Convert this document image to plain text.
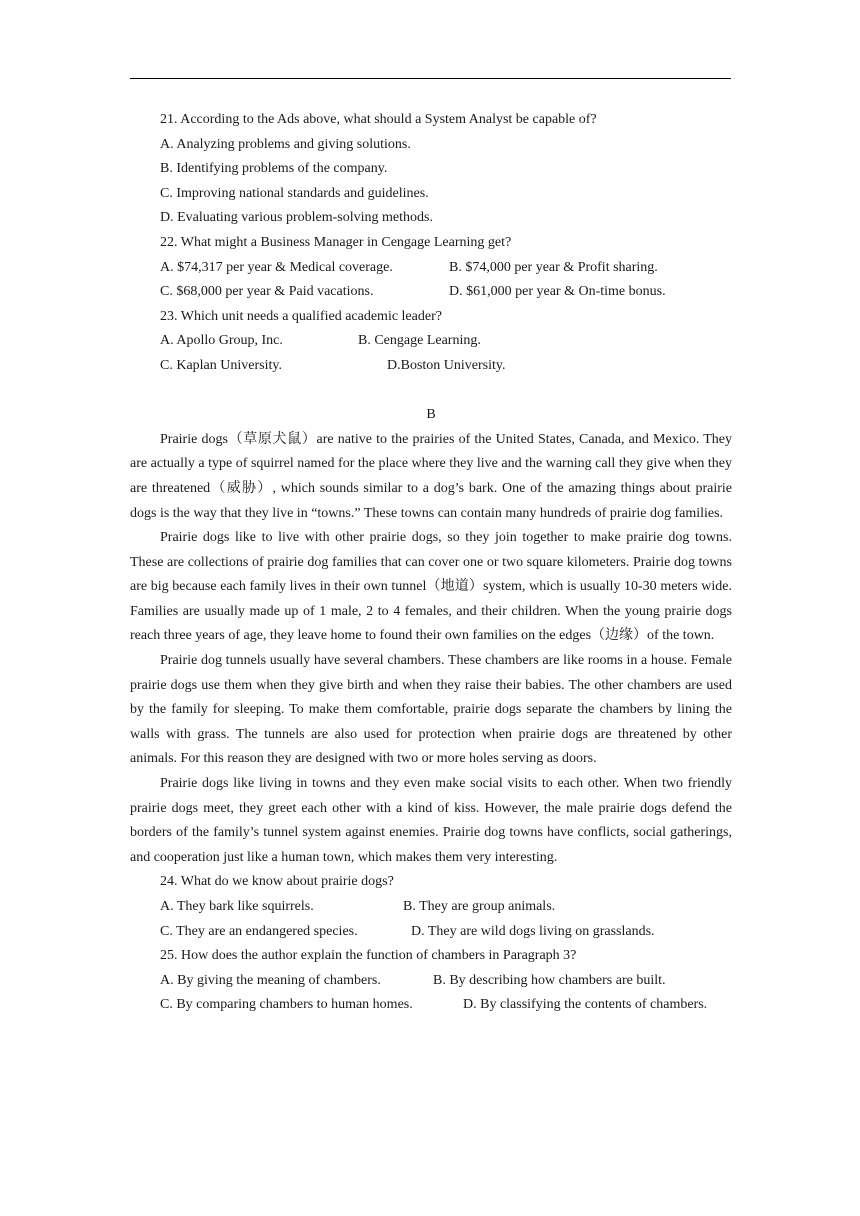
21. According to the Ads above, what should a System Analyst be capable of?
A. Analyzing problems and giving solutions.
B. Identifying problems of the company.
C. Improving national standards and guidelines.
D. Evaluating various problem-solving methods.
22. What might a Business Manager in Cengage Learning get?
A. $74,317 per year & Medical coverage.	B. $74,000 per year & Profit sharing.
C. $68,000 per year & Paid vacations.	D. $61,000 per year & On-time bonus.
23. Which unit needs a qualified academic leader?
A. Apollo Group, Inc.	B. Cengage Learning.
C. Kaplan University.	D.Boston University.
B

Prairie dogs（草原犬鼠）are native to the prairies of the United States, Canada, and Mexico. They are actually a type of squirrel named for the place where they live and the warning call they give when they are threatened（威胁）, which sounds similar to a dog’s bark. One of the amazing things about prairie dogs is the way that they live in “towns.” These towns can contain many hundreds of prairie dog families.

Prairie dogs like to live with other prairie dogs, so they join together to make prairie dog towns. These are collections of prairie dog families that can cover one or two square kilometers. Prairie dog towns are big because each family lives in their own tunnel（地道）system, which is usually 10-30 meters wide. Families are usually made up of 1 male, 2 to 4 females, and their children. When the young prairie dogs reach three years of age, they leave home to found their own families on the edges（边缘）of the town.

Prairie dog tunnels usually have several chambers. These chambers are like rooms in a house. Female prairie dogs use them when they give birth and when they raise their babies. The other chambers are used by the family for sleeping. To make them comfortable, prairie dogs separate the chambers by lining the walls with grass. The tunnels are also used for protection when prairie dogs are threatened by other animals. For this reason they are designed with two or more holes serving as doors.

Prairie dogs like living in towns and they even make social visits to each other. When two friendly prairie dogs meet, they greet each other with a kind of kiss. However, the male prairie dogs defend the borders of the family’s tunnel system against enemies. Prairie dog towns have conflicts, social gatherings, and cooperation just like a human town, which makes them very interesting.

24. What do we know about prairie dogs?
A. They bark like squirrels.	B. They are group animals.
C. They are an endangered species.	D. They are wild dogs living on grasslands.
25. How does the author explain the function of chambers in Paragraph 3?
A. By giving the meaning of chambers.	B. By describing how chambers are built.
C. By comparing chambers to human homes.	D. By classifying the contents of chambers.
